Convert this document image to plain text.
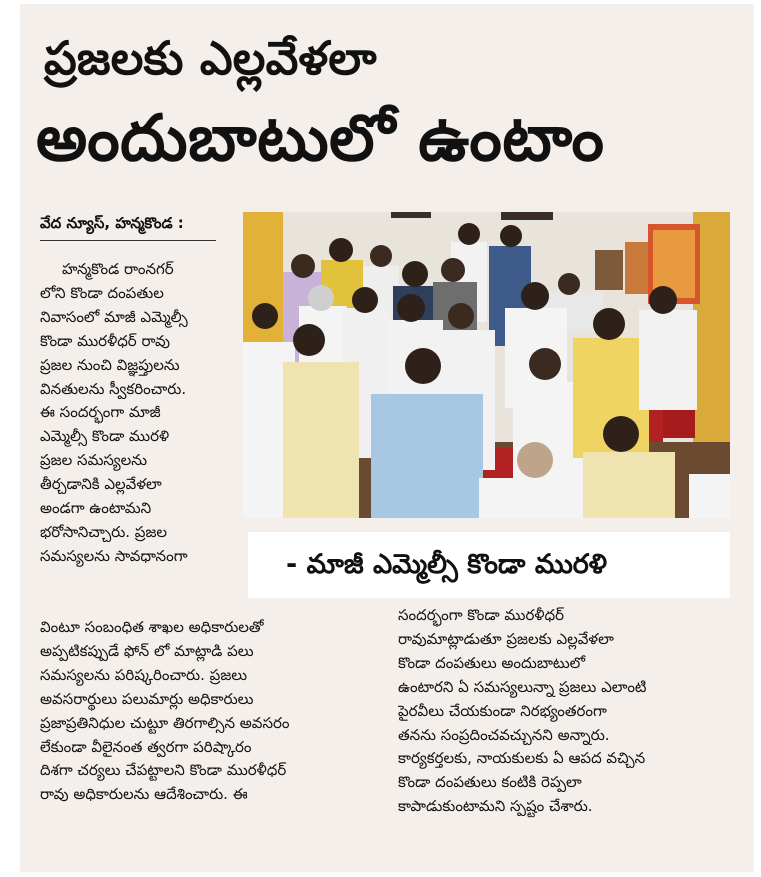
ప్రజలకు ఎల్లవేళలా
అందుబాటులో ఉంటాం
వేద న్యూస్, హన్మకొండ :

హన్మకొండ రాంనగర్
లోని కొండా దంపతుల
నివాసంలో మాజీ ఎమ్మెల్సీ
కొండా మురళీధర్ రావు
ప్రజల నుంచి విజ్ఞప్తులను
వినతులను స్వీకరించారు.
ఈ సందర్భంగా మాజీ
ఎమ్మెల్సీ కొండా మురళి
ప్రజల సమస్యలను
తీర్చడానికి ఎల్లవేళలా
అండగా ఉంటామని
భరోసానిచ్చారు. ప్రజల
సమస్యలను సావధానంగా

వింటూ సంబంధిత శాఖల అధికారులతో
అప్పటికప్పుడే ఫోన్ లో మాట్లాడి పలు
సమస్యలను పరిష్కరించారు. ప్రజలు
అవసరార్థులు పలుమార్లు అధికారులు
ప్రజాప్రతినిధుల చుట్టూ తిరగాల్సిన అవసరం
లేకుండా వీలైనంత త్వరగా పరిష్కారం
దిశగా చర్యలు చేపట్టాలని కొండా మురళీధర్
రావు అధికారులను ఆదేశించారు. ఈ
సందర్భంగా కొండా మురళీధర్
రావుమాట్లాడుతూ ప్రజలకు ఎల్లవేళలా
కొండా దంపతులు అందుబాటులో
ఉంటారని ఏ సమస్యలున్నా ప్రజలు ఎలాంటి
పైరవీలు చేయకుండా నిరభ్యంతరంగా
తనను సంప్రదించవచ్చునని అన్నారు.
కార్యకర్తలకు, నాయకులకు ఏ ఆపద వచ్చిన
కొండా దంపతులు కంటికి రెప్పలా
కాపాడుకుంటామని స్పష్టం చేశారు.
- మాజీ ఎమ్మెల్సీ కొండా మురళి
